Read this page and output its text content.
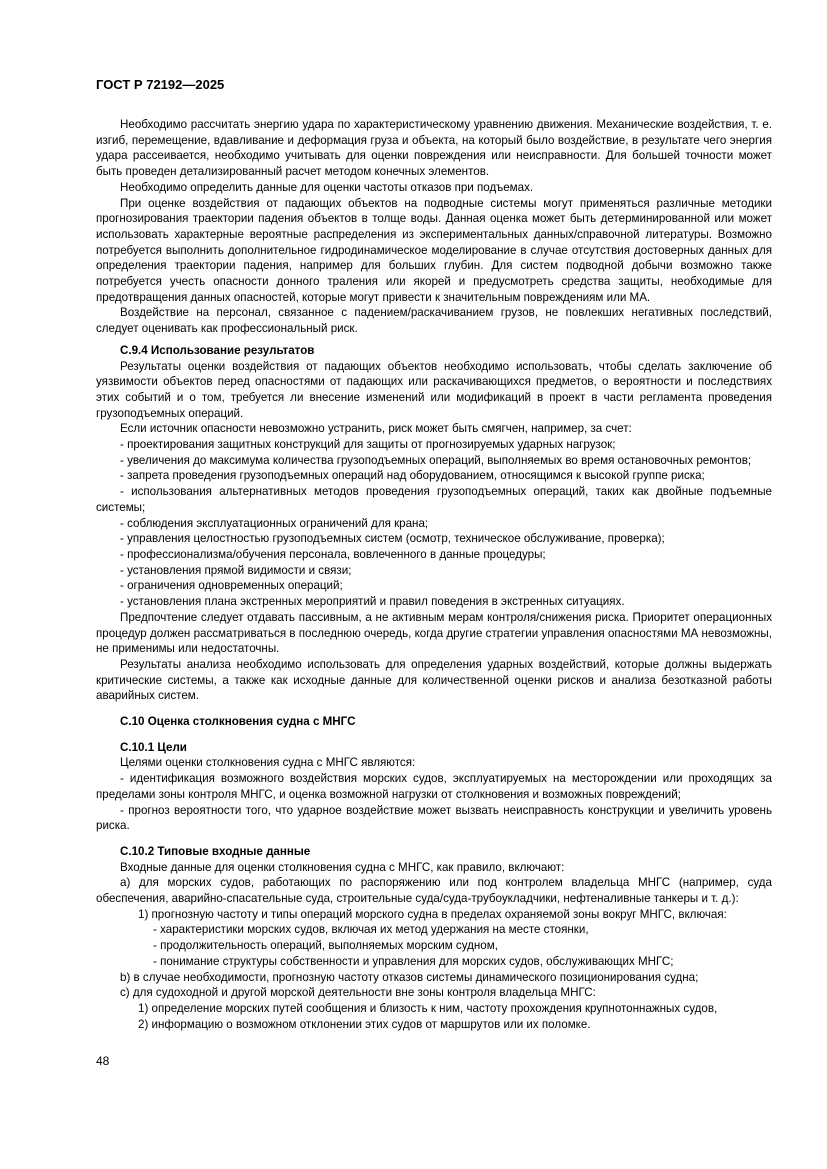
ГОСТ Р 72192—2025

Необходимо рассчитать энергию удара по характеристическому уравнению движения. Механические воздействия, т. е. изгиб, перемещение, вдавливание и деформация груза и объекта, на который было воздействие, в результате чего энергия удара рассеивается, необходимо учитывать для оценки повреждения или неисправности. Для большей точности может быть проведен детализированный расчет методом конечных элементов.

Необходимо определить данные для оценки частоты отказов при подъемах.

При оценке воздействия от падающих объектов на подводные системы могут применяться различные методики прогнозирования траектории падения объектов в толще воды. Данная оценка может быть детерминированной или может использовать характерные вероятные распределения из экспериментальных данных/справочной литературы. Возможно потребуется выполнить дополнительное гидродинамическое моделирование в случае отсутствия достоверных данных для определения траектории падения, например для больших глубин. Для систем подводной добычи возможно также потребуется учесть опасности донного траления или якорей и предусмотреть средства защиты, необходимые для предотвращения данных опасностей, которые могут привести к значительным повреждениям или МА.

Воздействие на персонал, связанное с падением/раскачиванием грузов, не повлекших негативных последствий, следует оценивать как профессиональный риск.

С.9.4 Использование результатов

Результаты оценки воздействия от падающих объектов необходимо использовать, чтобы сделать заключение об уязвимости объектов перед опасностями от падающих или раскачивающихся предметов, о вероятности и последствиях этих событий и о том, требуется ли внесение изменений или модификаций в проект в части регламента проведения грузоподъемных операций.

Если источник опасности невозможно устранить, риск может быть смягчен, например, за счет:

- проектирования защитных конструкций для защиты от прогнозируемых ударных нагрузок;

- увеличения до максимума количества грузоподъемных операций, выполняемых во время остановочных ремонтов;

- запрета проведения грузоподъемных операций над оборудованием, относящимся к высокой группе риска;

- использования альтернативных методов проведения грузоподъемных операций, таких как двойные подъемные системы;

- соблюдения эксплуатационных ограничений для крана;

- управления целостностью грузоподъемных систем (осмотр, техническое обслуживание, проверка);

- профессионализма/обучения персонала, вовлеченного в данные процедуры;

- установления прямой видимости и связи;

- ограничения одновременных операций;

- установления плана экстренных мероприятий и правил поведения в экстренных ситуациях.

Предпочтение следует отдавать пассивным, а не активным мерам контроля/снижения риска. Приоритет операционных процедур должен рассматриваться в последнюю очередь, когда другие стратегии управления опасностями МА невозможны, не применимы или недостаточны.

Результаты анализа необходимо использовать для определения ударных воздействий, которые должны выдержать критические системы, а также как исходные данные для количественной оценки рисков и анализа безотказной работы аварийных систем.

С.10 Оценка столкновения судна с МНГС

С.10.1 Цели

Целями оценки столкновения судна с МНГС являются:

- идентификация возможного воздействия морских судов, эксплуатируемых на месторождении или проходящих за пределами зоны контроля МНГС, и оценка возможной нагрузки от столкновения и возможных повреждений;

- прогноз вероятности того, что ударное воздействие может вызвать неисправность конструкции и увеличить уровень риска.

С.10.2 Типовые входные данные

Входные данные для оценки столкновения судна с МНГС, как правило, включают:

a) для морских судов, работающих по распоряжению или под контролем владельца МНГС (например, суда обеспечения, аварийно-спасательные суда, строительные суда/суда-трубоукладчики, нефтеналивные танкеры и т. д.):

1) прогнозную частоту и типы операций морского судна в пределах охраняемой зоны вокруг МНГС, включая:

- характеристики морских судов, включая их метод удержания на месте стоянки,

- продолжительность операций, выполняемых морским судном,

- понимание структуры собственности и управления для морских судов, обслуживающих МНГС;

b) в случае необходимости, прогнозную частоту отказов системы динамического позиционирования судна;

c) для судоходной и другой морской деятельности вне зоны контроля владельца МНГС:

1) определение морских путей сообщения и близость к ним, частоту прохождения крупнотоннажных судов,

2) информацию о возможном отклонении этих судов от маршрутов или их поломке.

48
